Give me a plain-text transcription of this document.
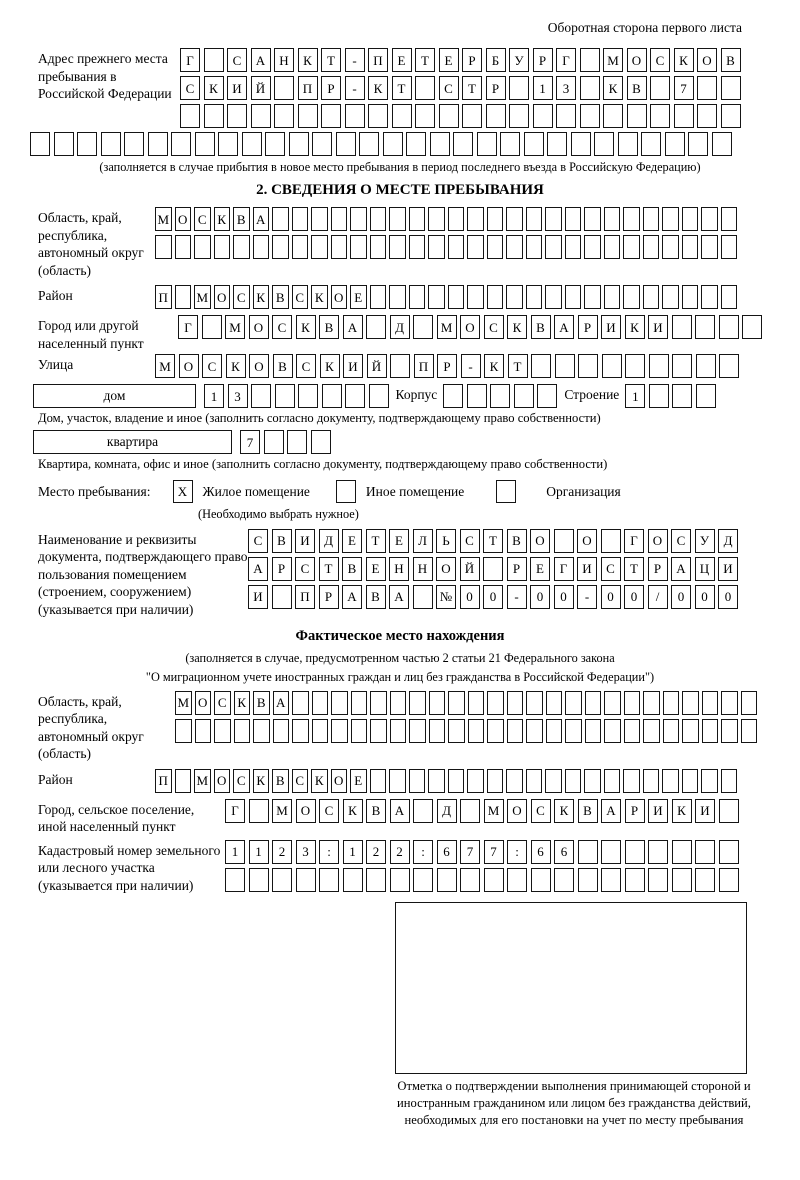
Оборотная сторона первого листа
Адрес прежнего места пребывания в Российской Федерации
Г	С	А	Н	К	Т	-	П	Е	Т	Е	Р	Б	У	Р	Г	М	О	С	К	О	В
С	К	И	Й	П	Р	-	К	Т	С	Т	Р	1	3	К	В	7
(заполняется в случае прибытия в новое место пребывания в период последнего въезда в Российскую Федерацию)
2. СВЕДЕНИЯ О МЕСТЕ ПРЕБЫВАНИЯ
Область, край, республика, автономный округ (область)
М О С К В А
Район	П М О С К В С К О Е
Город или другой населенный пункт
Г	М	О	С	К	В	А	Д	М	О	С	К	В	А	Р	И	К	И
Улица	М	О	С	К	О	В	С	К	И	Й	П	Р	-	К	Т
дом	1	3	Корпус	Строение 1
Дом, участок, владение и иное (заполнить согласно документу, подтверждающему право собственности)
квартира	7
Квартира, комната, офис и иное (заполнить согласно документу, подтверждающему право собственности)
Место пребывания:	X	Жилое помещение	Иное помещение	Организация
(Необходимо выбрать нужное)
Наименование и реквизиты документа, подтверждающего право пользования помещением (строением, сооружением) (указывается при наличии)
С	В	И	Д	Е	Т	Е	Л	Ь	С	Т	В	О	О	Г	О	С	У	Д
А	Р	С	Т	В	Е	Н	Н	О	Й	Р	Е	Г	И	С	Т	Р	А	Ц	И
И	П	Р	А	В	А	№	0	0	-	0	0	-	0	0	/	0	0	0
Фактическое место нахождения
(заполняется в случае, предусмотренном частью 2 статьи 21 Федерального закона
"О миграционном учете иностранных граждан и лиц без гражданства в Российской Федерации")
Область, край, республика, автономный округ (область)
М О С К В А
Район	П М О С К В С К О Е
Город, сельское поселение, иной населенный пункт
Г	М	О	С	К	В	А	Д	М	О	С	К	В	А	Р	И	К	И
Кадастровый номер земельного или лесного участка (указывается при наличии)
1	1	2	3	:	1	2	2	:	6	7	7	:	6	6
Отметка о подтверждении выполнения принимающей стороной и иностранным гражданином или лицом без гражданства действий, необходимых для его постановки на учет по месту пребывания
